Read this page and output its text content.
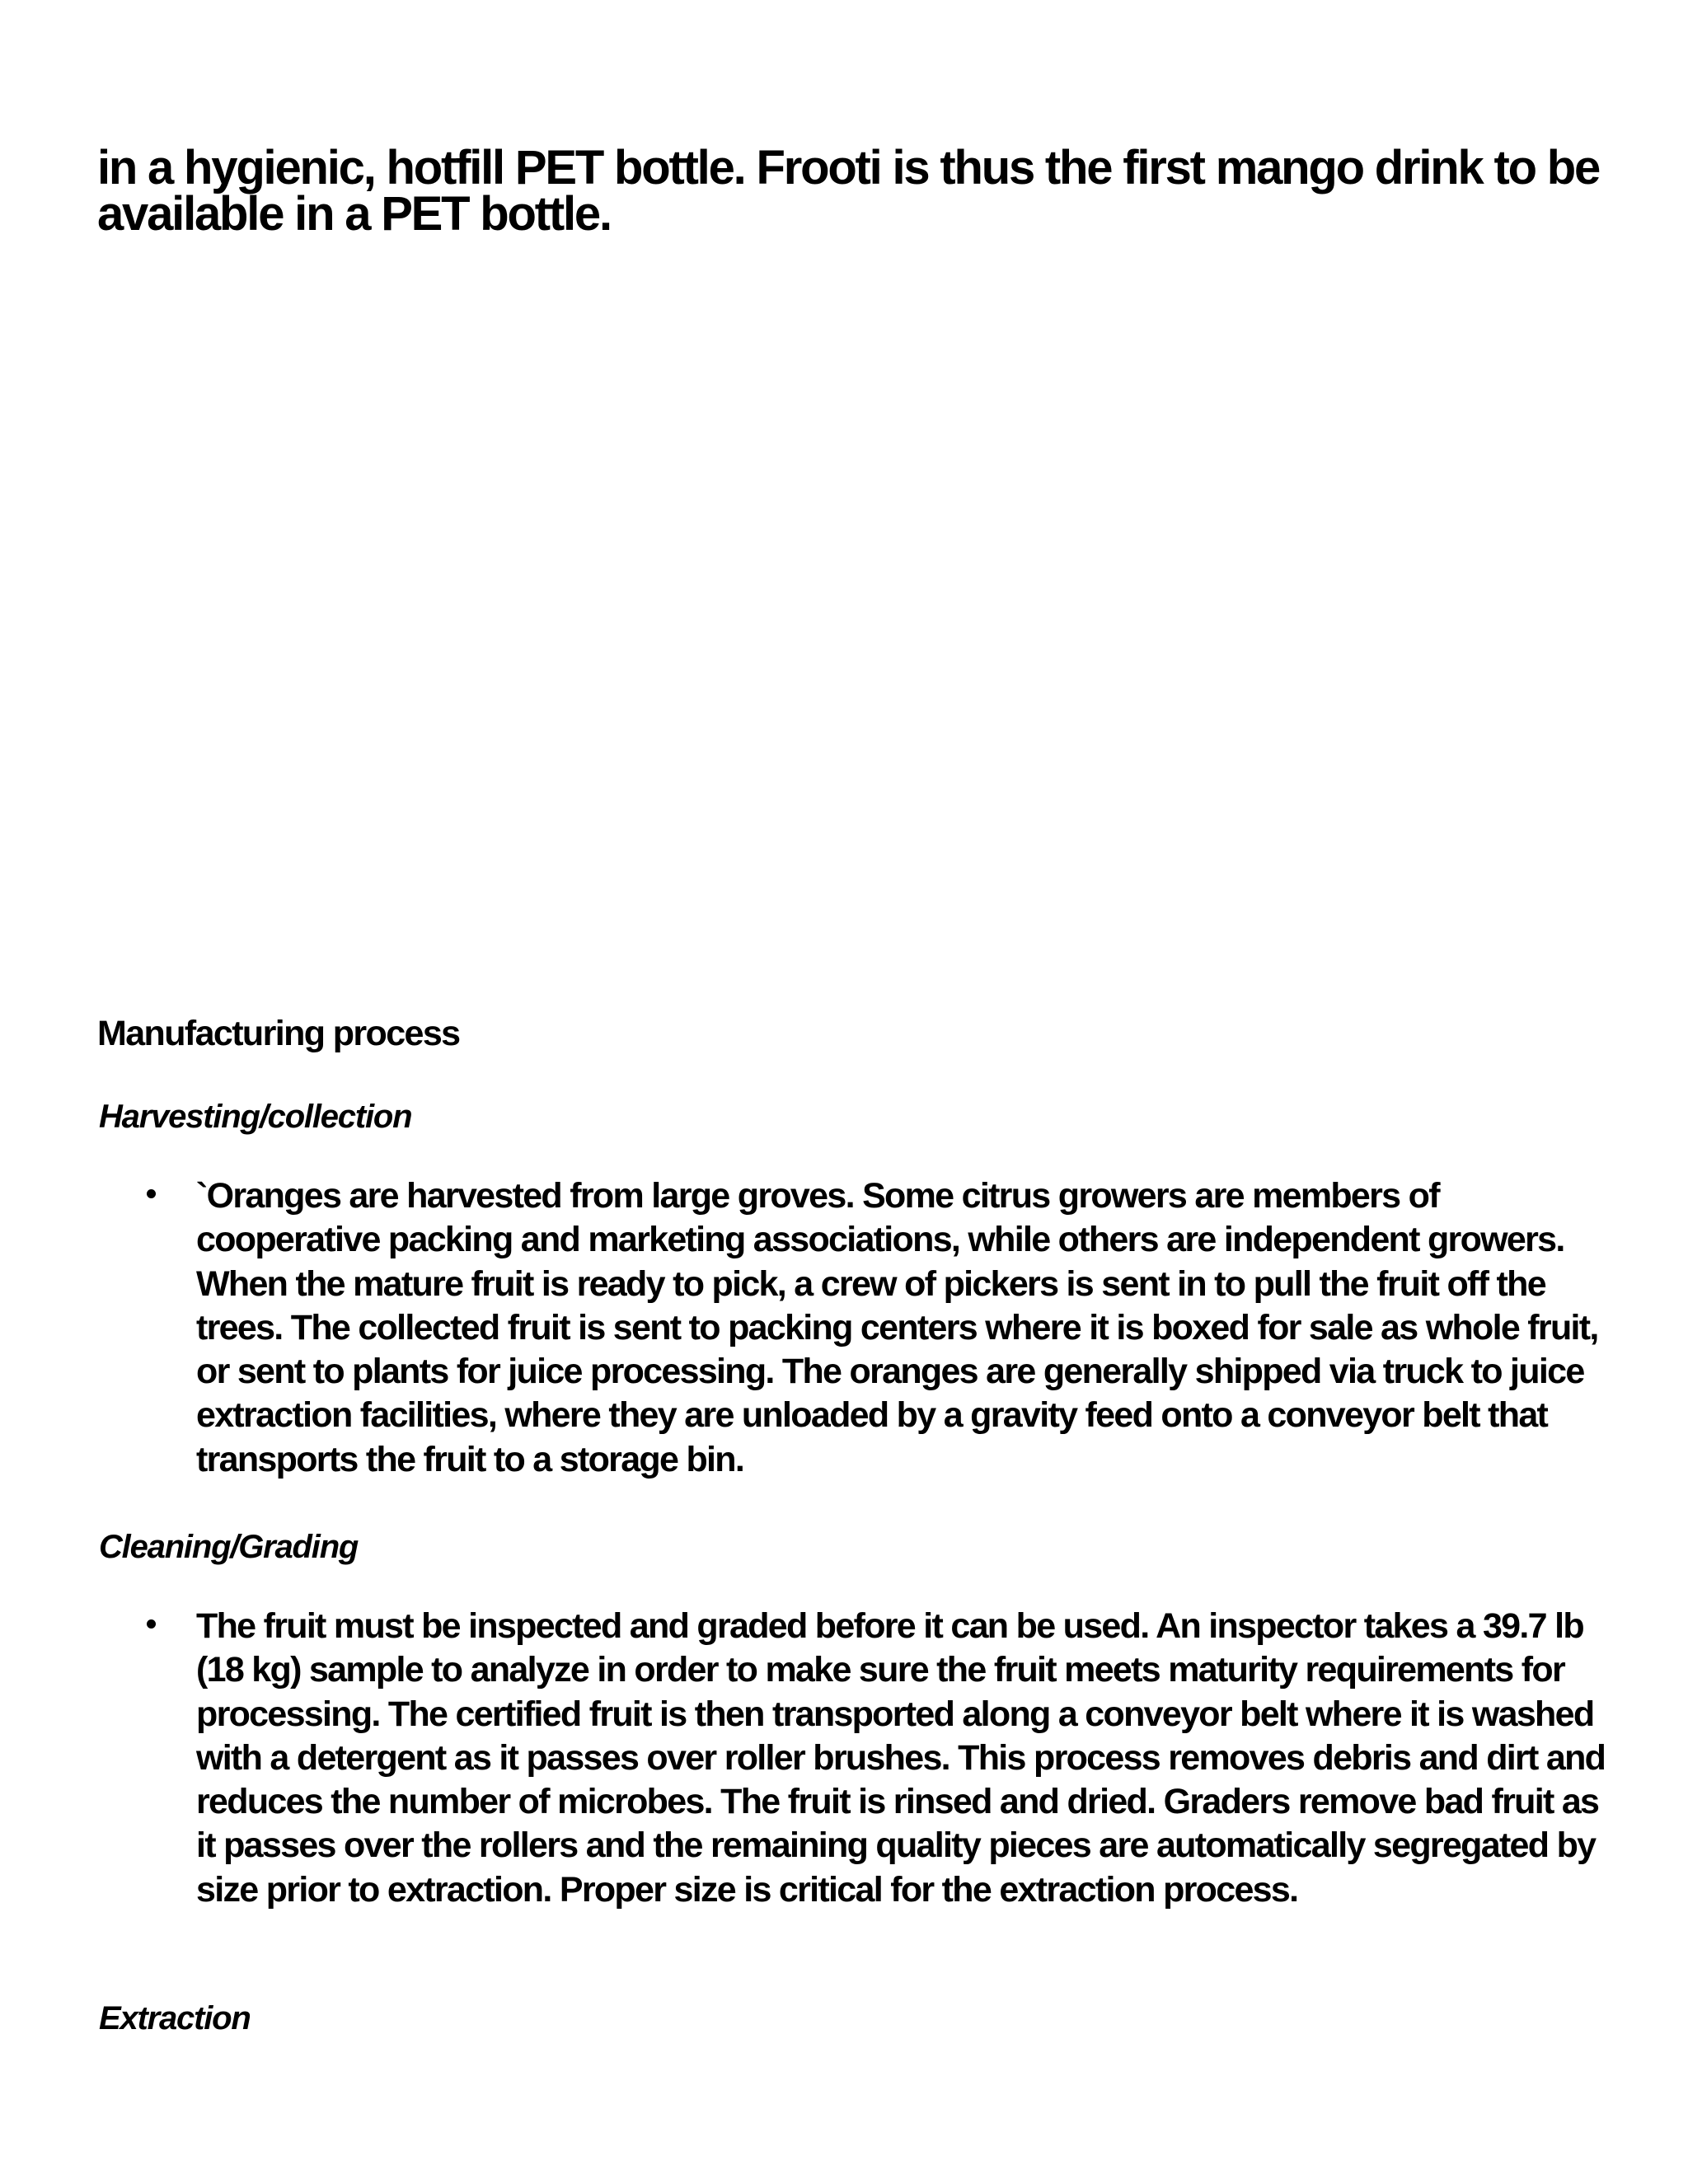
in a hygienic, hotfill PET bottle. Frooti is thus the first mango drink to be available in a PET bottle.

Manufacturing process
Harvesting/collection

`Oranges are harvested from large groves. Some citrus growers are members of cooperative packing and marketing associations, while others are independent growers. When the mature fruit is ready to pick, a crew of pickers is sent in to pull the fruit off the trees. The collected fruit is sent to packing centers where it is boxed for sale as whole fruit, or sent to plants for juice processing. The oranges are generally shipped via truck to juice extraction facilities, where they are unloaded by a gravity feed onto a conveyor belt that transports the fruit to a storage bin.

Cleaning/Grading

The fruit must be inspected and graded before it can be used. An inspector takes a 39.7 lb (18 kg) sample to analyze in order to make sure the fruit meets maturity requirements for processing. The certified fruit is then transported along a conveyor belt where it is washed with a detergent as it passes over roller brushes. This process removes debris and dirt and reduces the number of microbes. The fruit is rinsed and dried. Graders remove bad fruit as it passes over the rollers and the remaining quality pieces are automatically segregated by size prior to extraction. Proper size is critical for the extraction process.

Extraction
